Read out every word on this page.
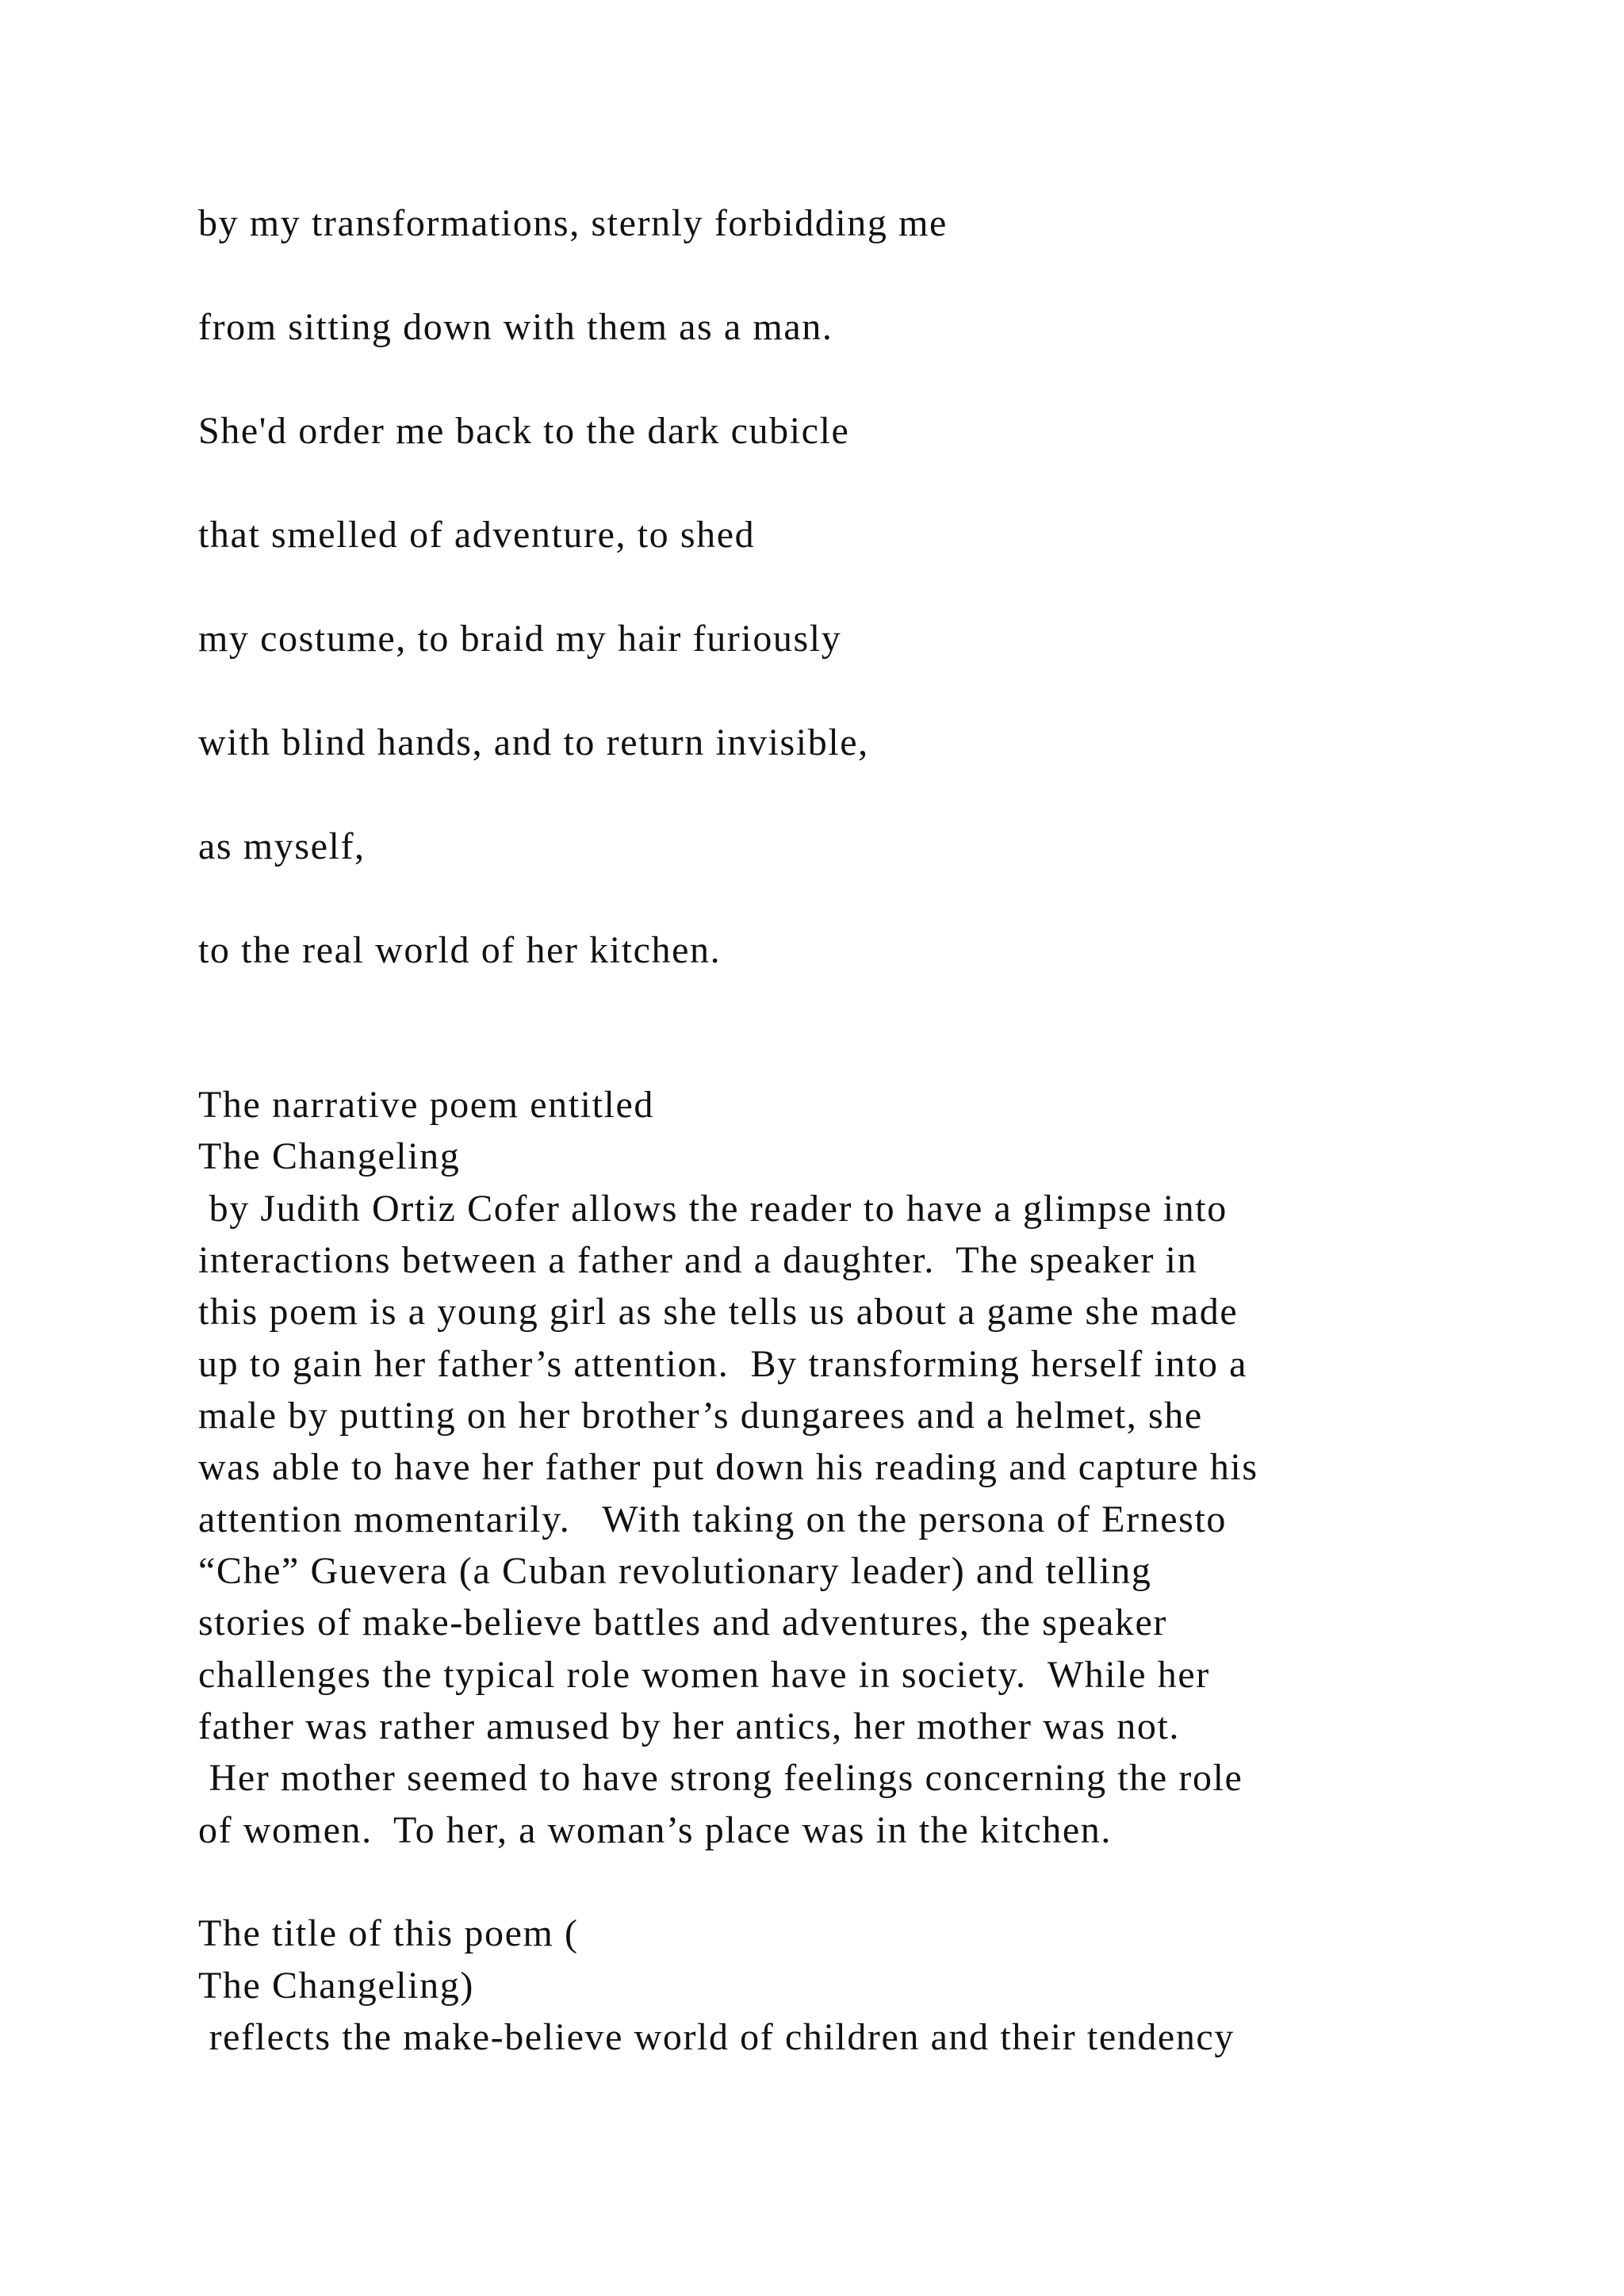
by my transformations, sternly forbidding me
from sitting down with them as a man.
She'd order me back to the dark cubicle
that smelled of adventure, to shed
my costume, to braid my hair furiously
with blind hands, and to return invisible,
as myself,
to the real world of her kitchen.
The narrative poem entitled
The Changeling
by Judith Ortiz Cofer allows the reader to have a glimpse into
interactions between a father and a daughter.  The speaker in
this poem is a young girl as she tells us about a game she made
up to gain her father’s attention.  By transforming herself into a
male by putting on her brother’s dungarees and a helmet, she
was able to have her father put down his reading and capture his
attention momentarily.   With taking on the persona of Ernesto
“Che” Guevera (a Cuban revolutionary leader) and telling
stories of make-believe battles and adventures, the speaker
challenges the typical role women have in society.  While her
father was rather amused by her antics, her mother was not.
Her mother seemed to have strong feelings concerning the role
of women.  To her, a woman’s place was in the kitchen.
The title of this poem (
The Changeling)
reflects the make-believe world of children and their tendency
